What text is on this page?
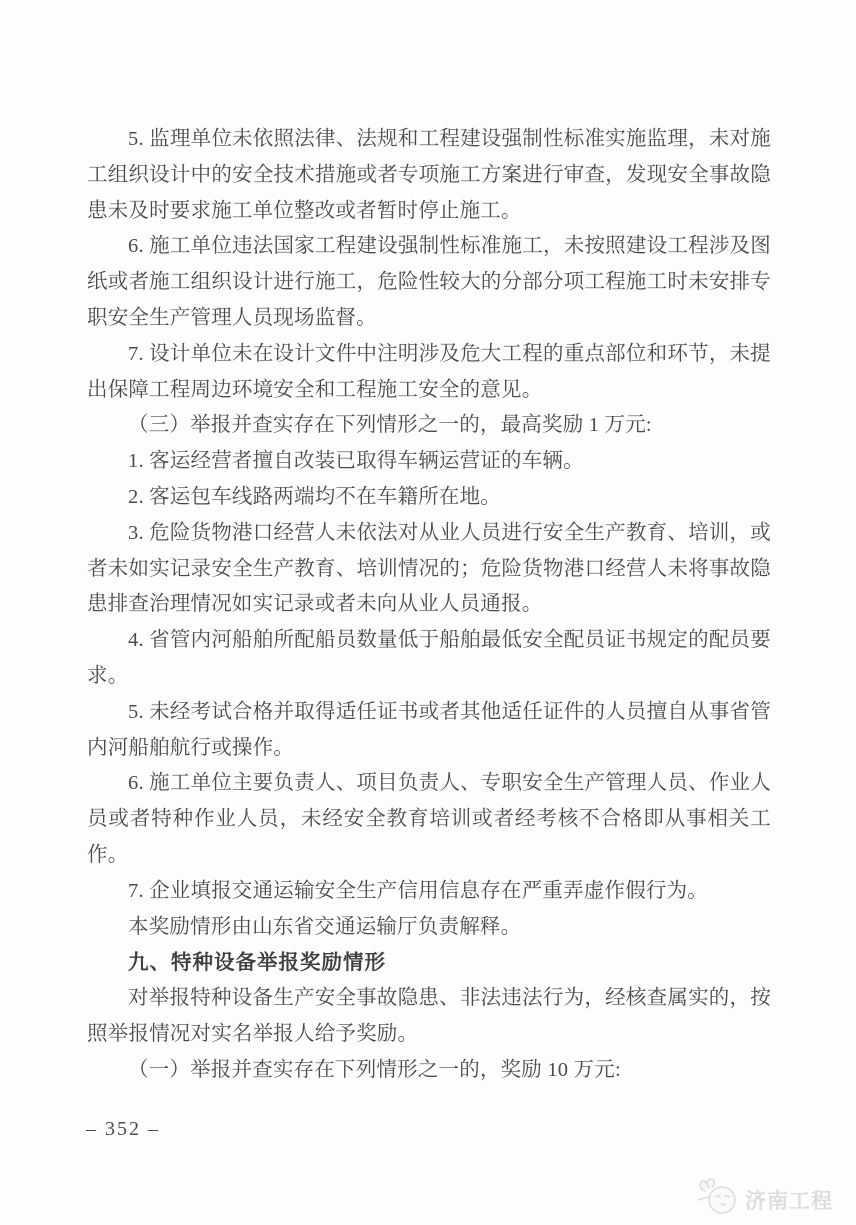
5. 监理单位未依照法律、法规和工程建设强制性标准实施监理，未对施工组织设计中的安全技术措施或者专项施工方案进行审查，发现安全事故隐患未及时要求施工单位整改或者暂时停止施工。

6. 施工单位违法国家工程建设强制性标准施工，未按照建设工程涉及图纸或者施工组织设计进行施工，危险性较大的分部分项工程施工时未安排专职安全生产管理人员现场监督。

7. 设计单位未在设计文件中注明涉及危大工程的重点部位和环节，未提出保障工程周边环境安全和工程施工安全的意见。

（三）举报并查实存在下列情形之一的，最高奖励 1 万元:

1. 客运经营者擅自改装已取得车辆运营证的车辆。

2. 客运包车线路两端均不在车籍所在地。

3. 危险货物港口经营人未依法对从业人员进行安全生产教育、培训，或者未如实记录安全生产教育、培训情况的；危险货物港口经营人未将事故隐患排查治理情况如实记录或者未向从业人员通报。

4. 省管内河船舶所配船员数量低于船舶最低安全配员证书规定的配员要求。

5. 未经考试合格并取得适任证书或者其他适任证件的人员擅自从事省管内河船舶航行或操作。

6. 施工单位主要负责人、项目负责人、专职安全生产管理人员、作业人员或者特种作业人员，未经安全教育培训或者经考核不合格即从事相关工作。

7. 企业填报交通运输安全生产信用信息存在严重弄虚作假行为。

本奖励情形由山东省交通运输厅负责解释。

九、特种设备举报奖励情形

对举报特种设备生产安全事故隐患、非法违法行为，经核查属实的，按照举报情况对实名举报人给予奖励。

（一）举报并查实存在下列情形之一的，奖励 10 万元:

– 352 –
济南工程
